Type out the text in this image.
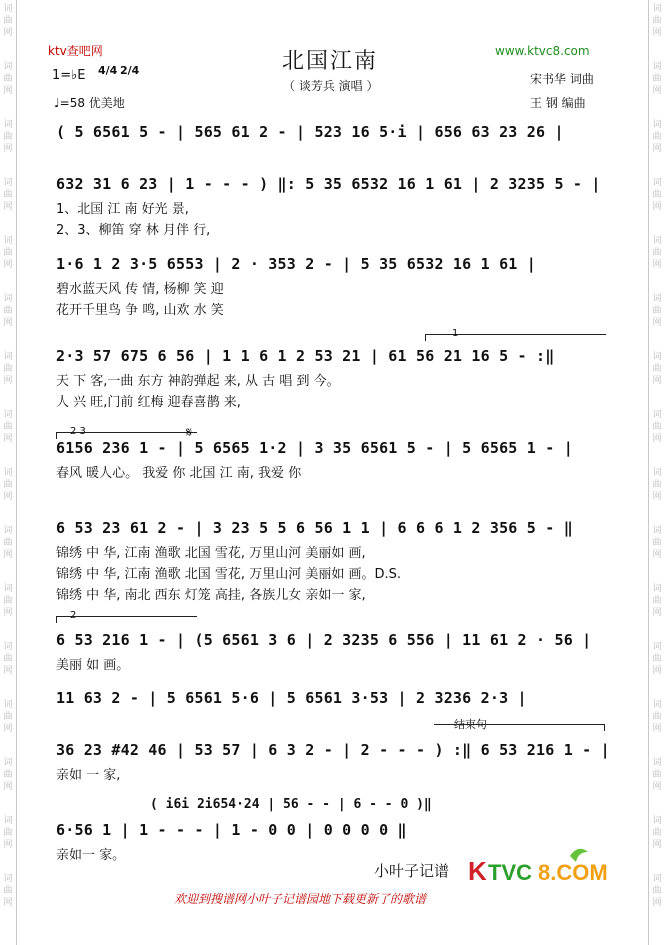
词
曲
网
词
曲
网
词
曲
网
词
曲
网
词
曲
网
词
曲
网
词
曲
网
词
曲
网
词
曲
网
词
曲
网
词
曲
网
词
曲
网
词
曲
网
词
曲
网
词
曲
网
词
曲
网
词
曲
网
词
曲
网
词
曲
网
词
曲
网
词
曲
网
词
曲
网
词
曲
网
词
曲
网
词
曲
网
词
曲
网
词
曲
网
词
曲
网
词
曲
网
词
曲
网
词
曲
网
词
曲
网
ktv查吧网	www.ktvc8.com
北国江南
（ 谈芳兵 演唱 ）
1=♭E 4/4 2/4
♩=58 优美地
宋书华 词曲
王 钢 编曲
( 5 6561 5 - | 565 61 2 - | 523 16 5·i | 656 63 23 26 |
632 31 6 23 | 1 - - - ) ‖: 5 35 6532 16 1 61 | 2 3235 5 - |
1、北国 江 南 好光 景,
2、3、柳笛 穿 林 月伴 行,
1·6 1 2 3·5 6553 | 2 · 353 2 - | 5 35 6532 16 1 61 |
碧水蓝天风 传 情, 杨柳 笑 迎
花开千里鸟 争 鸣, 山欢 水 笑
2·3 57 675 6 56 | 1 1 6 1 2 53 21 | 61 56 21 16 5 - :‖
天 下 客,一曲 东方 神韵弹起 来, 从 古 唱 到 今。
人 兴 旺,门前 红梅 迎春喜鹊 来,
6156 236 1 - | 5 6565 1·2 | 3 35 6561 5 - | 5 6565 1 - |
春风 暖人心。 我爱 你 北国 江 南, 我爱 你
6 53 23 61 2 - | 3 23 5 5 6 56 1 1 | 6 6 6 1 2 356 5 - ‖
锦绣 中 华, 江南 渔歌 北国 雪花, 万里山河 美丽如 画,
锦绣 中 华, 江南 渔歌 北国 雪花, 万里山河 美丽如 画。D.S.
锦绣 中 华, 南北 西东 灯笼 高挂, 各族儿女 亲如一 家,
6 53 216 1 - | (5 6561 3 6 | 2 3235 6 556 | 11 61 2 · 56 |
美丽 如 画。
11 63 2 - | 5 6561 5·6 | 5 6561 3·53 | 2 3236 2·3 |
36 23 #42 46 | 53 57 | 6 3 2 - | 2 - - - ) :‖ 6 53 216 1 - |
亲如 一 家,
6·56 1 | 1 - - - | 1 - 0 0 | 0 0 0 0 ‖
亲如一 家。
1
2 3	𝄋
2
结束句
( i6i 2i654·24 | 56 - - | 6 - - 0 )‖
小叶子记谱 K TVC 8.COM
欢迎到搜谱网小叶子记谱园地下载更新了的歌谱
